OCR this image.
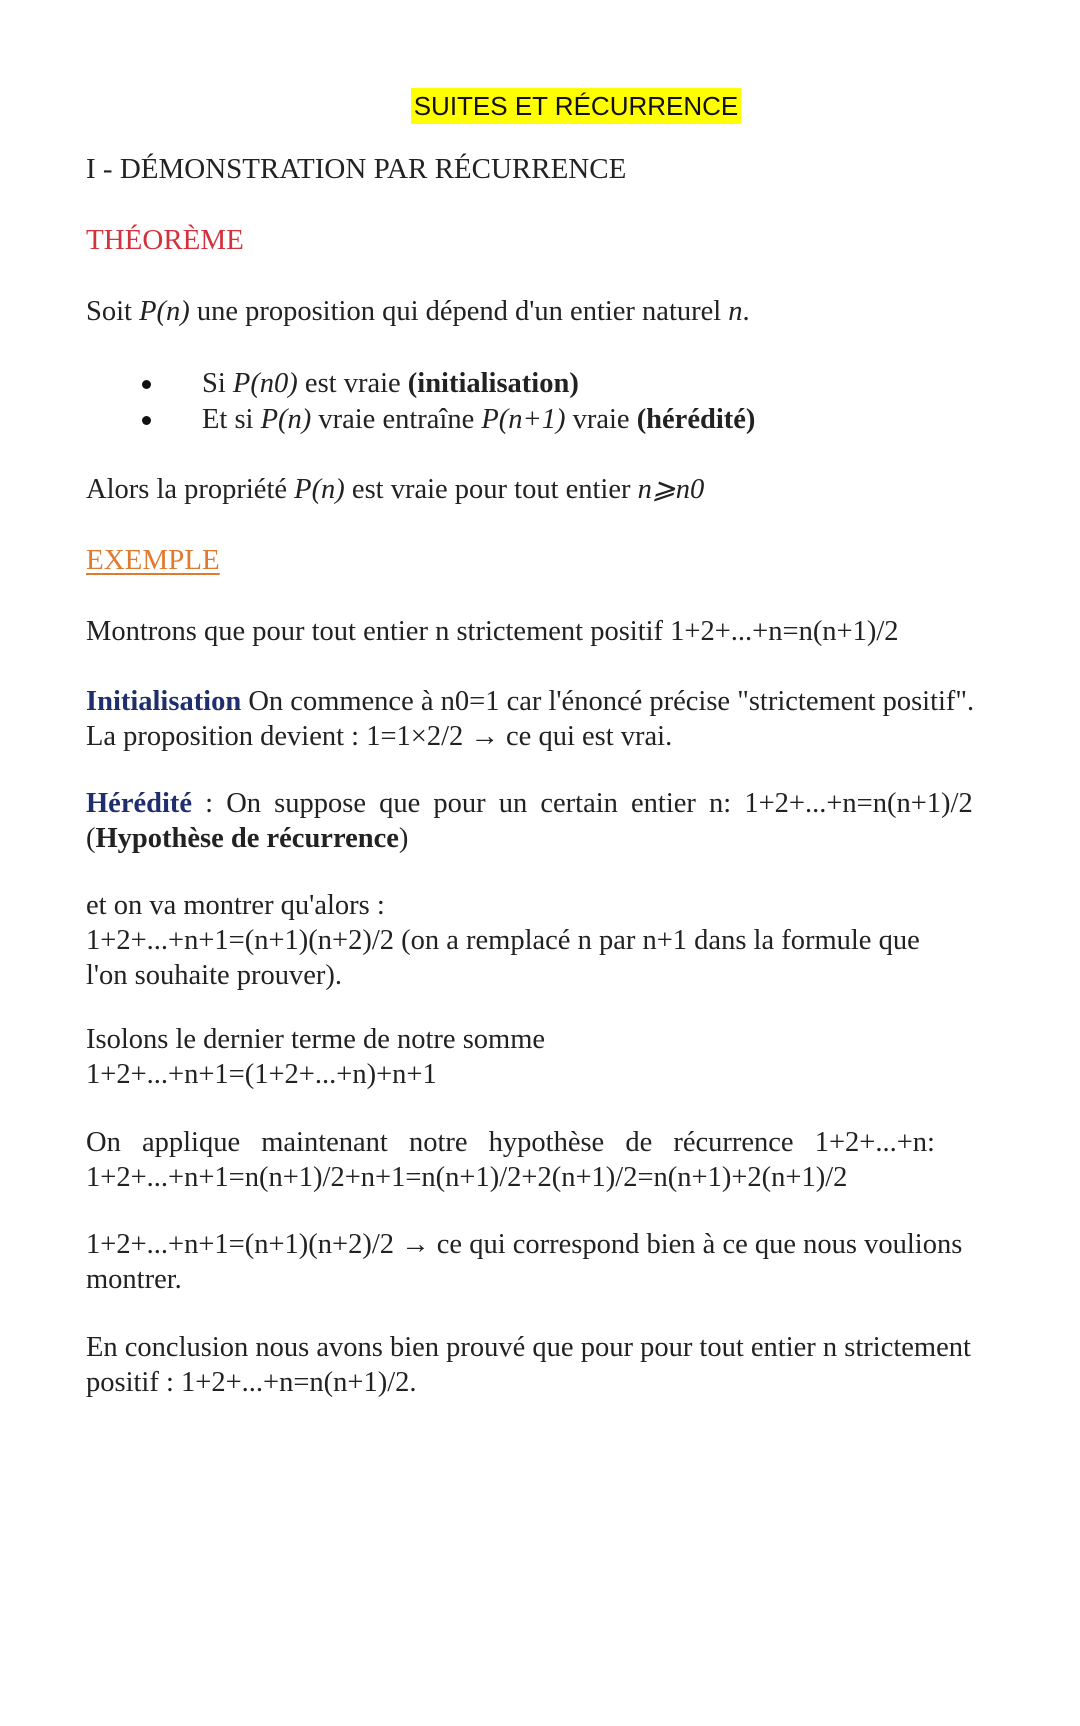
SUITES ET RÉCURRENCE
I - DÉMONSTRATION PAR RÉCURRENCE
THÉORÈME
Soit P(n) une proposition qui dépend d'un entier naturel n.
Si P(n0) est vraie (initialisation)
Et si P(n) vraie entraîne P(n+1) vraie (hérédité)
Alors la propriété P(n) est vraie pour tout entier n⩾n0
EXEMPLE
Montrons que pour tout entier n strictement positif 1+2+...+n=n(n+1)/2
Initialisation On commence à n0=1 car l'énoncé précise "strictement positif".
La proposition devient : 1=1×2/2 → ce qui est vrai.
Hérédité : On suppose que pour un certain entier n: 1+2+...+n=n(n+1)/2
(Hypothèse de récurrence)
et on va montrer qu'alors :
1+2+...+n+1=(n+1)(n+2)/2 (on a remplacé n par n+1 dans la formule que
l'on souhaite prouver).
Isolons le dernier terme de notre somme
1+2+...+n+1=(1+2+...+n)+n+1
On applique maintenant notre hypothèse de récurrence 1+2+...+n:
1+2+...+n+1=n(n+1)/2+n+1=n(n+1)/2+2(n+1)/2=n(n+1)+2(n+1)/2
1+2+...+n+1=(n+1)(n+2)/2 → ce qui correspond bien à ce que nous voulions
montrer.
En conclusion nous avons bien prouvé que pour pour tout entier n strictement
positif : 1+2+...+n=n(n+1)/2.
